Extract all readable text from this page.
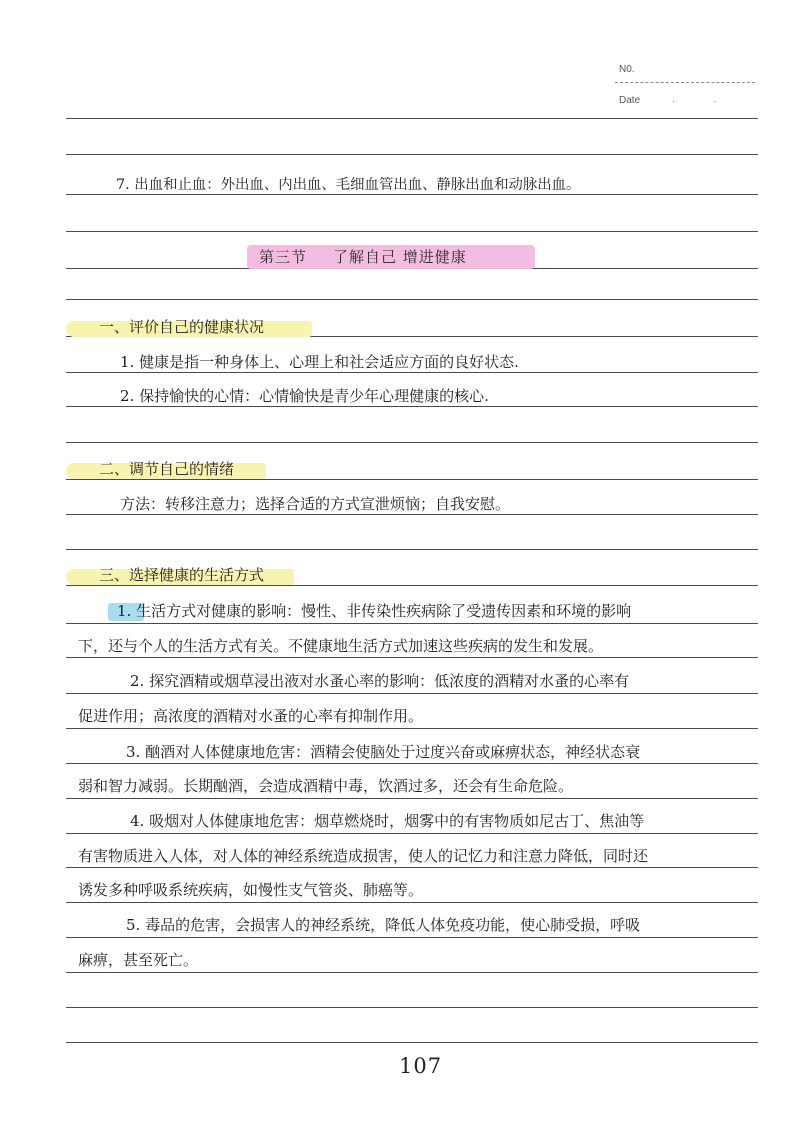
N0.
Date	. .
7. 出血和止血：外出血、内出血、毛细血管出血、静脉出血和动脉出血。
第三节 了解自己 增进健康
一、评价自己的健康状况
1. 健康是指一种身体上、心理上和社会适应方面的良好状态.
2. 保持愉快的心情：心情愉快是青少年心理健康的核心.
二、调节自己的情绪
方法：转移注意力；选择合适的方式宣泄烦恼；自我安慰。
三、选择健康的生活方式
1. 生活方式对健康的影响：慢性、非传染性疾病除了受遗传因素和环境的影响
下，还与个人的生活方式有关。不健康地生活方式加速这些疾病的发生和发展。
2. 探究酒精或烟草浸出液对水蚤心率的影响：低浓度的酒精对水蚤的心率有
促进作用；高浓度的酒精对水蚤的心率有抑制作用。
3. 酗酒对人体健康地危害：酒精会使脑处于过度兴奋或麻痹状态，神经状态衰
弱和智力减弱。长期酗酒，会造成酒精中毒，饮酒过多，还会有生命危险。
4. 吸烟对人体健康地危害：烟草燃烧时，烟雾中的有害物质如尼古丁、焦油等
有害物质进入人体，对人体的神经系统造成损害，使人的记忆力和注意力降低，同时还
诱发多种呼吸系统疾病，如慢性支气管炎、肺癌等。
5. 毒品的危害，会损害人的神经系统，降低人体免疫功能，使心肺受损，呼吸
麻痹，甚至死亡。
107
